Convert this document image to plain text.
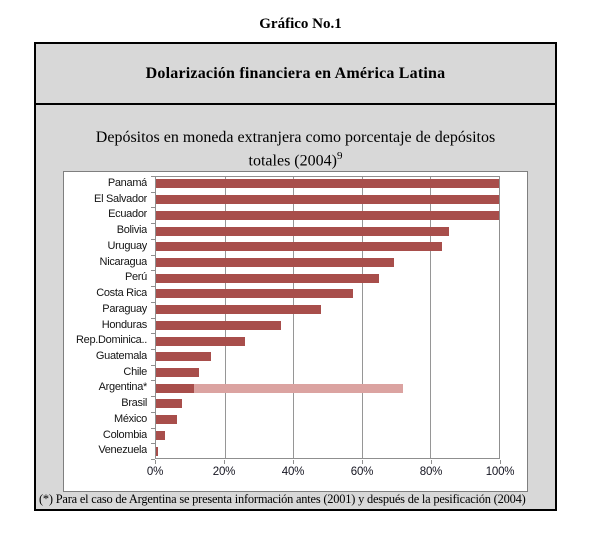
Gráfico No.1
Dolarización financiera en América Latina
Depósitos en moneda extranjera como porcentaje de depósitos
totales $(2004)^9$
Panamá
El Salvador
Ecuador
Bolivia
Uruguay
Nicaragua
Perú
Costa Rica
Paraguay
Honduras
Rep.Dominica..
Guatemala
Chile
Argentina*
Brasil
México
Colombia
Venezuela
0%	20%	40%	60%	80%	100%
(*) Para el caso de Argentina se presenta información antes (2001) y después de la pesificación (2004)
